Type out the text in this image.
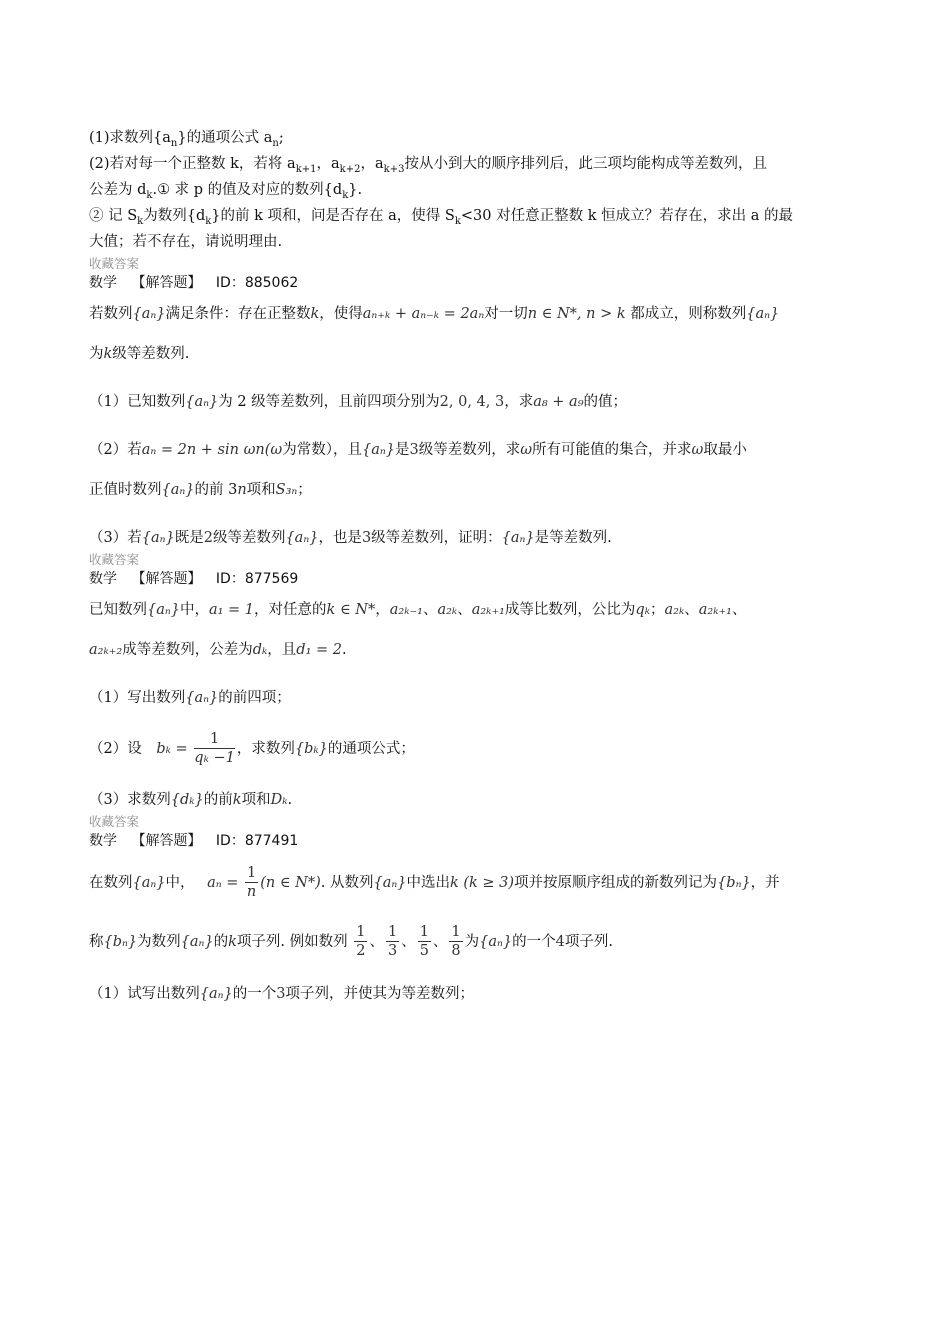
(1)求数列$\{a_n\}$的通项公式 $a_n$;
(2)若对每一个正整数 k，若将 $a_{k+1}$，$a_{k+2}$，$a_{k+3}$按从小到大的顺序排列后，此三项均能构成等差数列，且
公差为 $d_k.①$ 求 p 的值及对应的数列$\{d_k\}$.
② 记 $S_k$为数列$\{d_k\}$的前 k 项和，问是否存在 a，使得 $S_k<30$ 对任意正整数 k 恒成立？若存在，求出 a 的最
大值；若不存在，请说明理由.
收藏答案
数学 【解答题】 ID：885062
若数列{aₙ}满足条件：存在正整数k，使得aₙ₊ₖ + aₙ₋ₖ = 2aₙ对一切n ∈ N*, n > k 都成立，则称数列{aₙ}
为k级等差数列.
（1）已知数列{aₙ}为 2 级等差数列，且前四项分别为2, 0, 4, 3，求a₈ + a₉的值；
（2）若aₙ = 2n + sin ωn(ω为常数），且{aₙ}是3级等差数列，求ω所有可能值的集合，并求ω取最小
正值时数列{aₙ}的前 3n项和S₃ₙ；
（3）若{aₙ}既是2级等差数列{aₙ}，也是3级等差数列，证明：{aₙ}是等差数列.
收藏答案
数学 【解答题】 ID：877569
已知数列{aₙ}中，a₁ = 1，对任意的k ∈ N*，a₂ₖ₋₁、a₂ₖ、a₂ₖ₊₁成等比数列，公比为qₖ；a₂ₖ、a₂ₖ₊₁、
a₂ₖ₊₂成等差数列，公差为dₖ，且d₁ = 2.
（1）写出数列{aₙ}的前四项；
（2）设 $b_k = \frac{1}{\text{qₖ −1}}$ ，求数列{bₖ}的通项公式；
（3）求数列{dₖ}的前k项和Dₖ.
收藏答案
数学 【解答题】 ID：877491
在数列{aₙ}中， $a_n = \frac{1}{n} (n$ ∈ N*). 从数列{aₙ}中选出k (k ≥ 3)项并按原顺序组成的新数列记为{bₙ}，并
称{bₙ}为数列{aₙ}的k项子列. 例如数列 $\frac{1}{2}$ 、 $\frac{1}{3}$ 、 $\frac{1}{5}$ 、 $\frac{1}{8}$ 为{aₙ}的一个4项子列.
（1）试写出数列{aₙ}的一个3项子列，并使其为等差数列；
